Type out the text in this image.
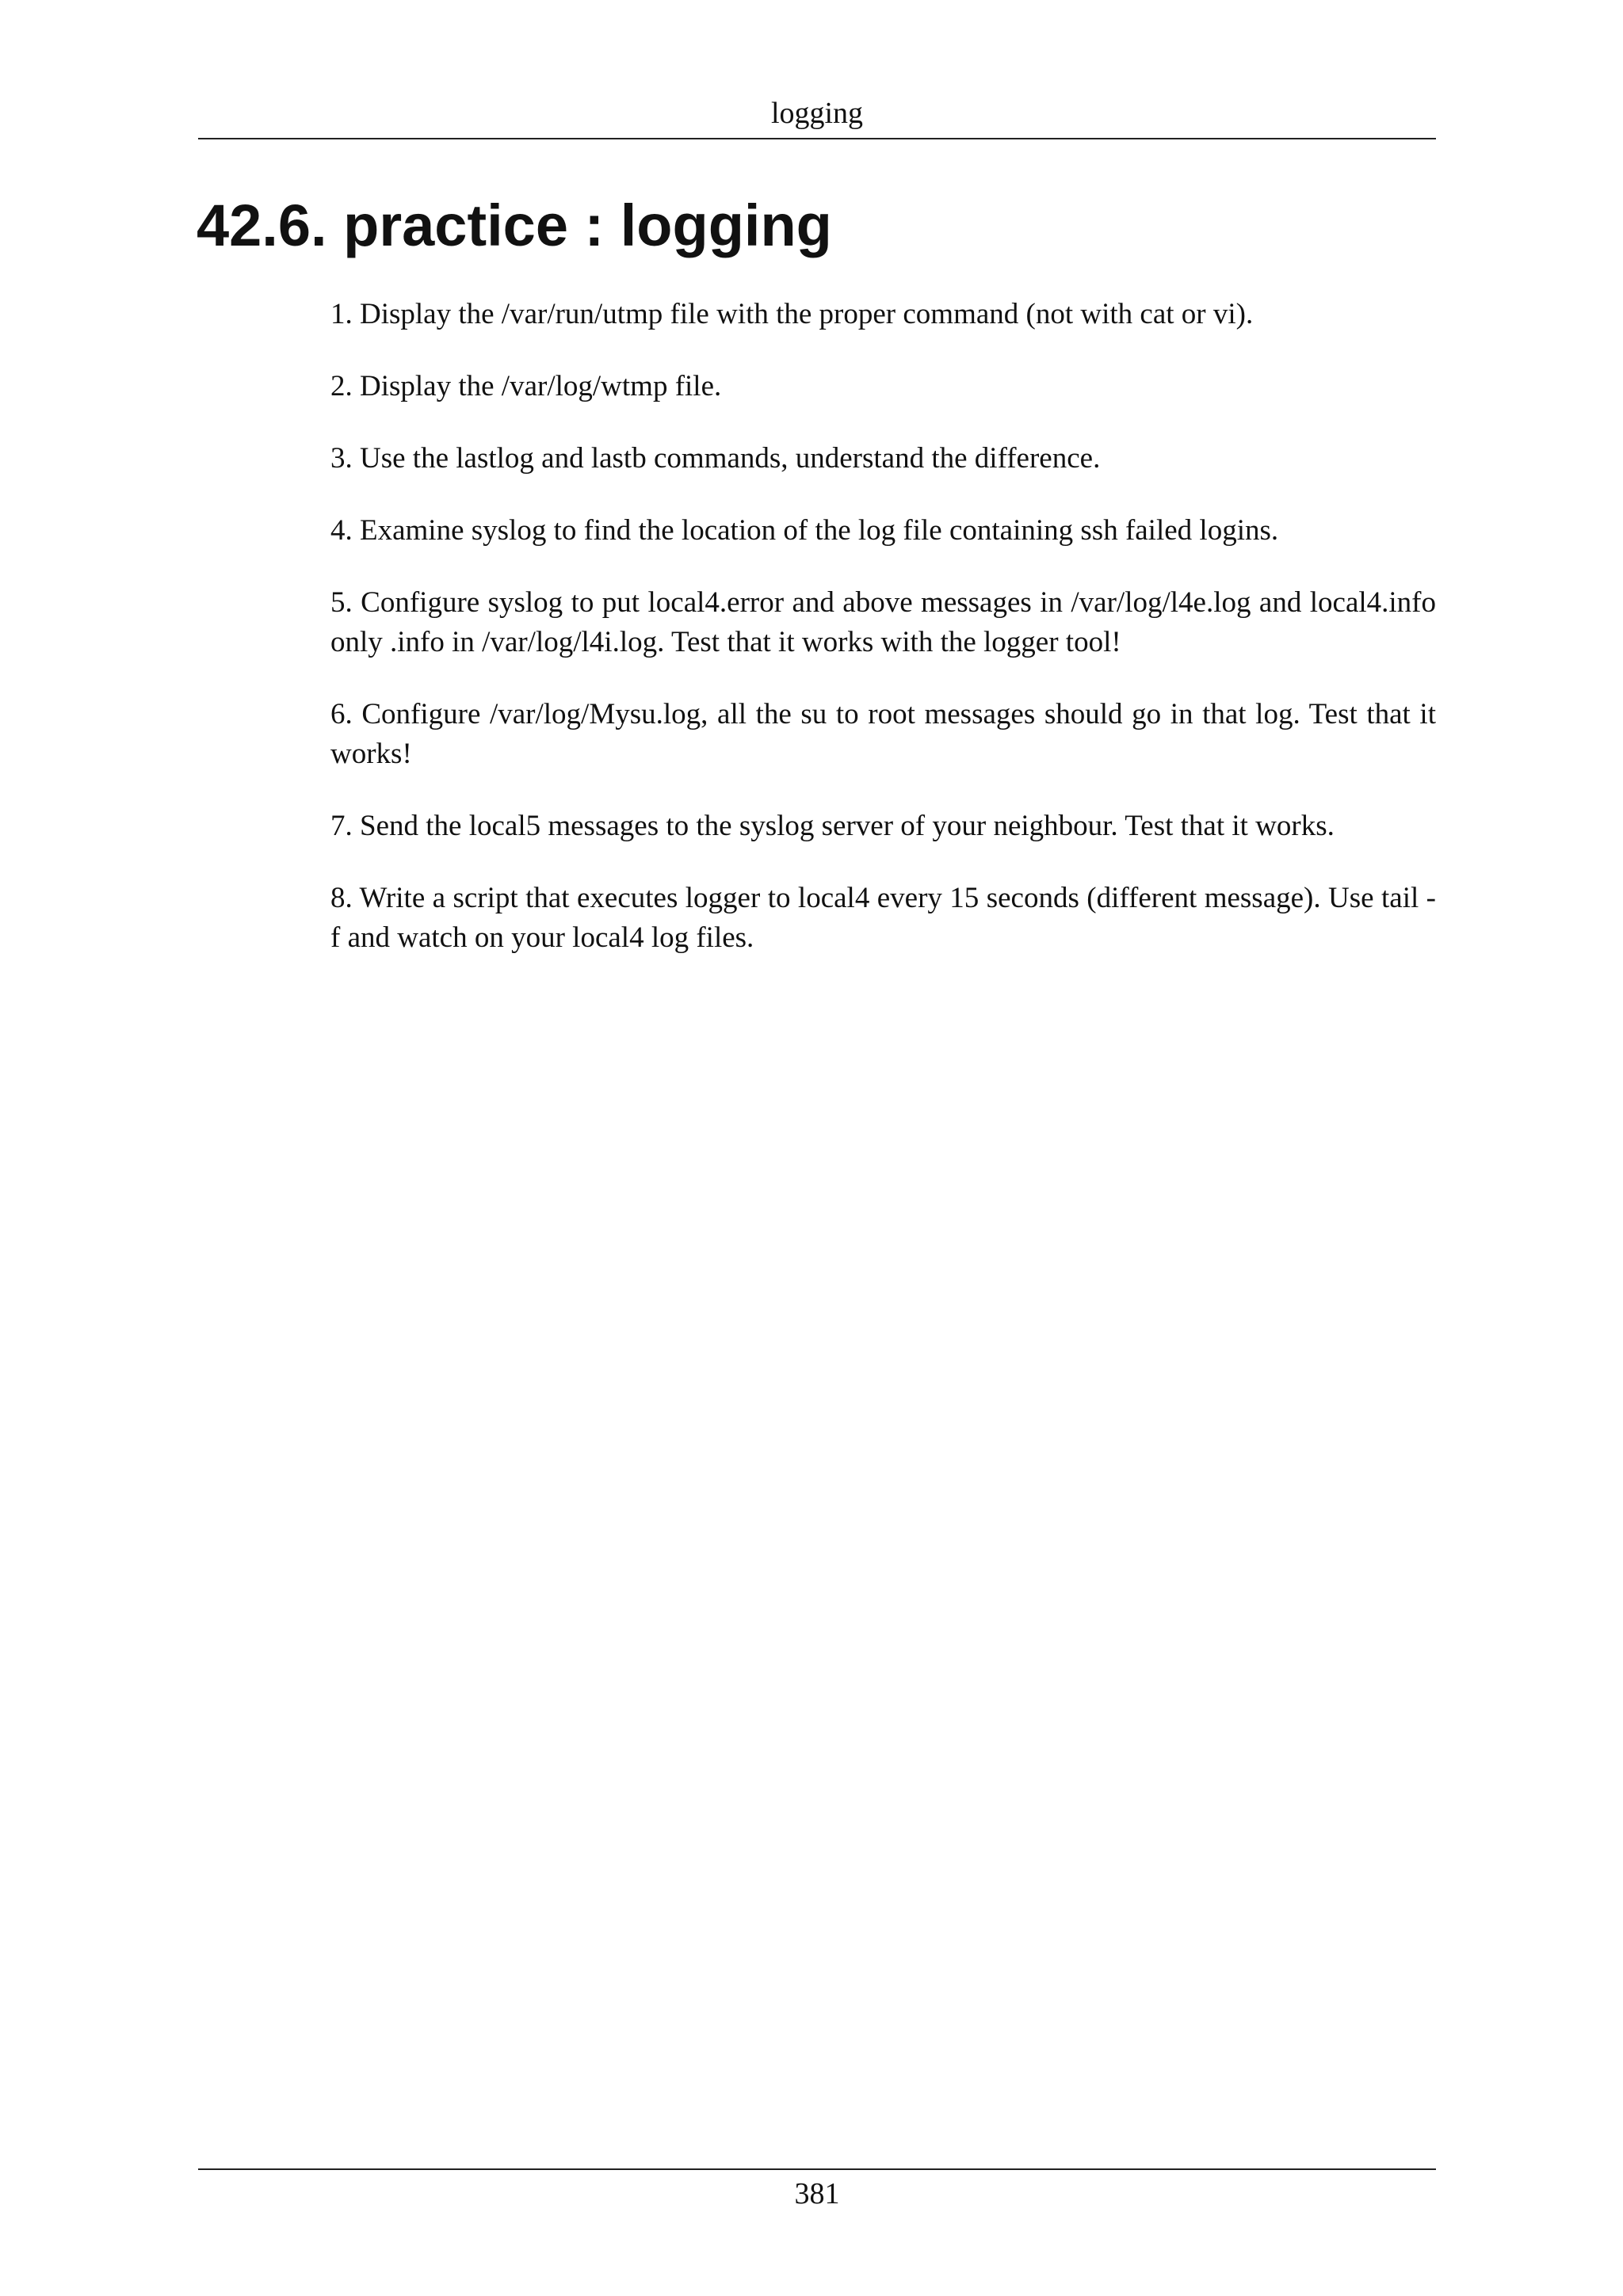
logging
42.6. practice : logging
1. Display the /var/run/utmp file with the proper command (not with cat or vi).
2. Display the /var/log/wtmp file.
3. Use the lastlog and lastb commands, understand the difference.
4. Examine syslog to find the location of the log file containing ssh failed logins.
5. Configure syslog to put local4.error and above messages in /var/log/l4e.log and local4.info only .info in /var/log/l4i.log. Test that it works with the logger tool!
6. Configure /var/log/Mysu.log, all the su to root messages should go in that log. Test that it works!
7. Send the local5 messages to the syslog server of your neighbour. Test that it works.
8. Write a script that executes logger to local4 every 15 seconds (different message). Use tail -f and watch on your local4 log files.
381
